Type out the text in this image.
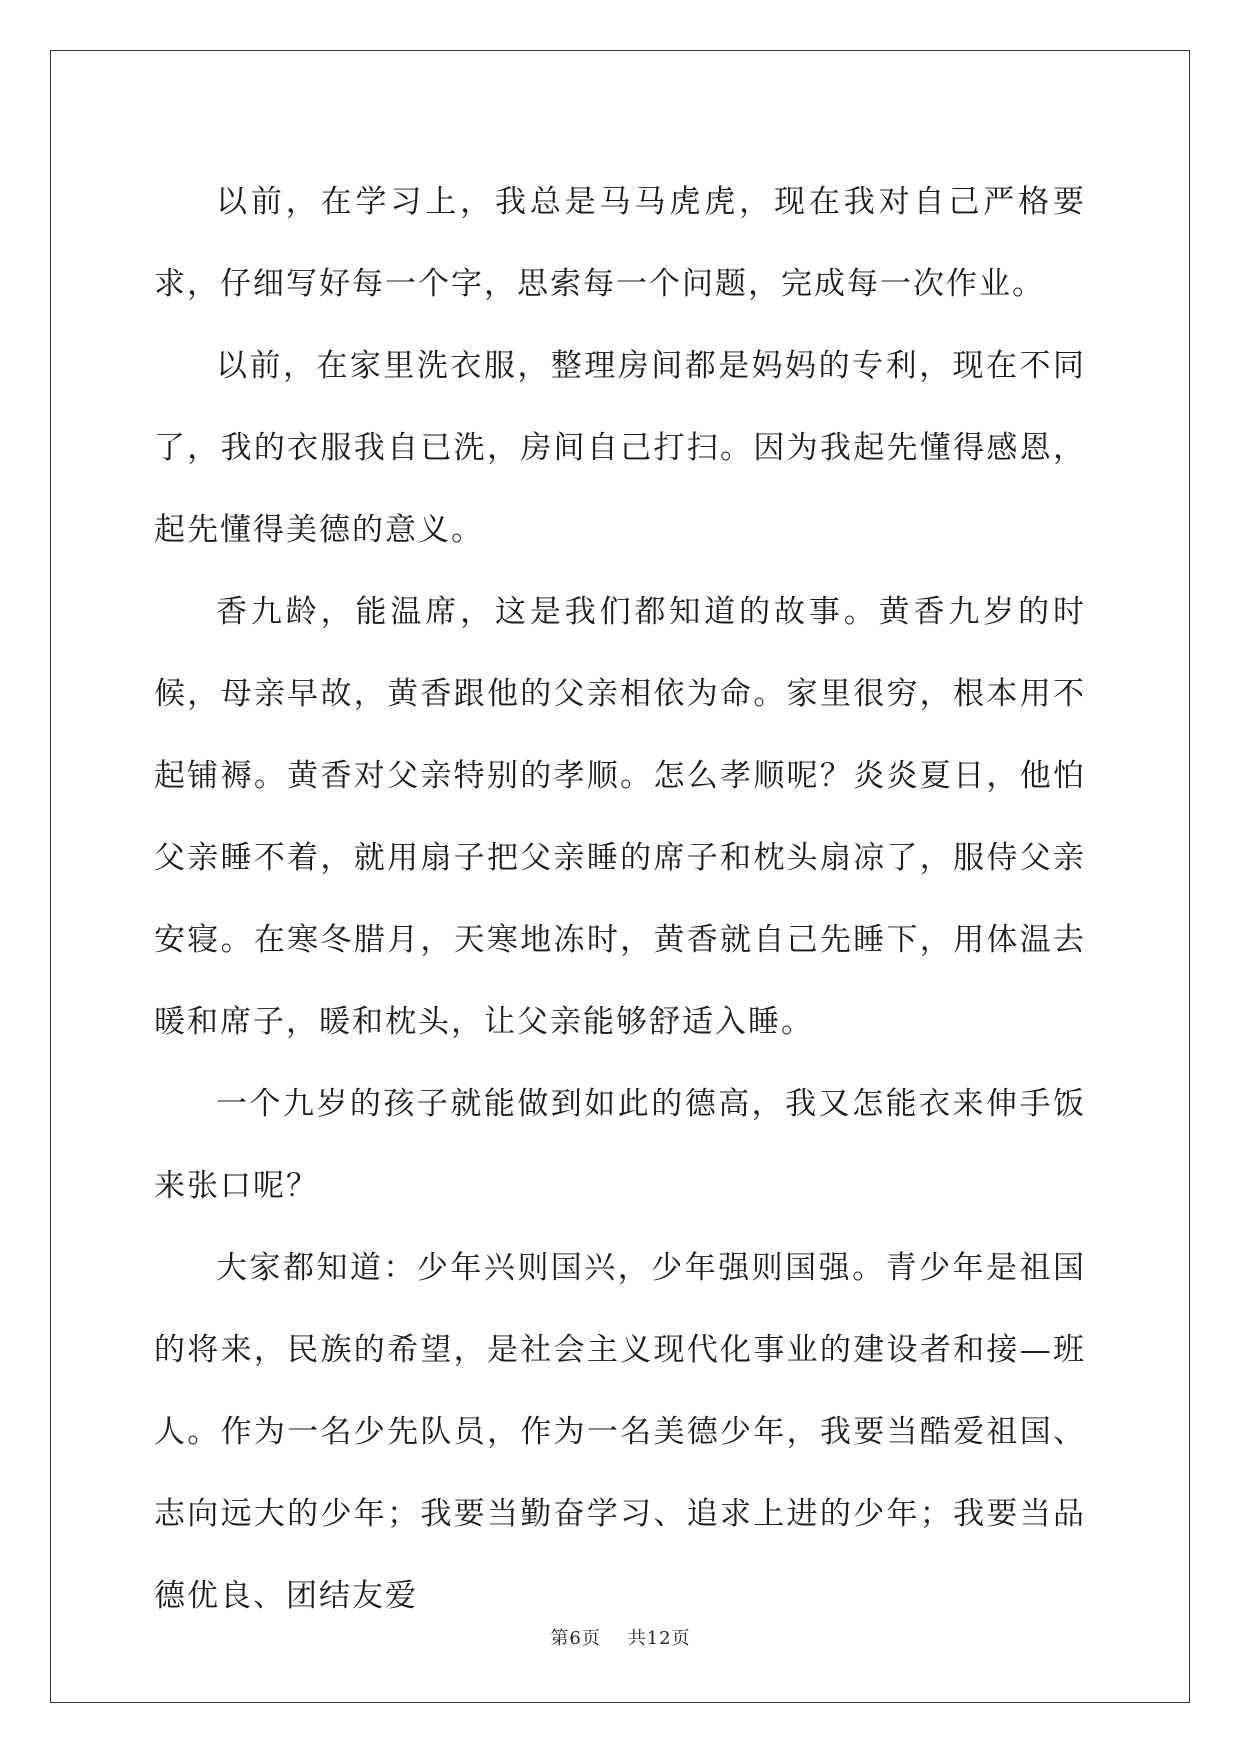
以前，在学习上，我总是马马虎虎，现在我对自己严格要求，仔细写好每一个字，思索每一个问题，完成每一次作业。

以前，在家里洗衣服，整理房间都是妈妈的专利，现在不同了，我的衣服我自已洗，房间自己打扫。因为我起先懂得感恩，起先懂得美德的意义。

香九龄，能温席，这是我们都知道的故事。黄香九岁的时候，母亲早故，黄香跟他的父亲相依为命。家里很穷，根本用不起铺褥。黄香对父亲特别的孝顺。怎么孝顺呢？炎炎夏日，他怕父亲睡不着，就用扇子把父亲睡的席子和枕头扇凉了，服侍父亲安寝。在寒冬腊月，天寒地冻时，黄香就自己先睡下，用体温去暖和席子，暖和枕头，让父亲能够舒适入睡。

一个九岁的孩子就能做到如此的德高，我又怎能衣来伸手饭来张口呢？

大家都知道：少年兴则国兴，少年强则国强。青少年是祖国的将来，民族的希望，是社会主义现代化事业的建设者和接—班人。作为一名少先队员，作为一名美德少年，我要当酷爱祖国、志向远大的少年；我要当勤奋学习、追求上进的少年；我要当品德优良、团结友爱

第6页 共12页
